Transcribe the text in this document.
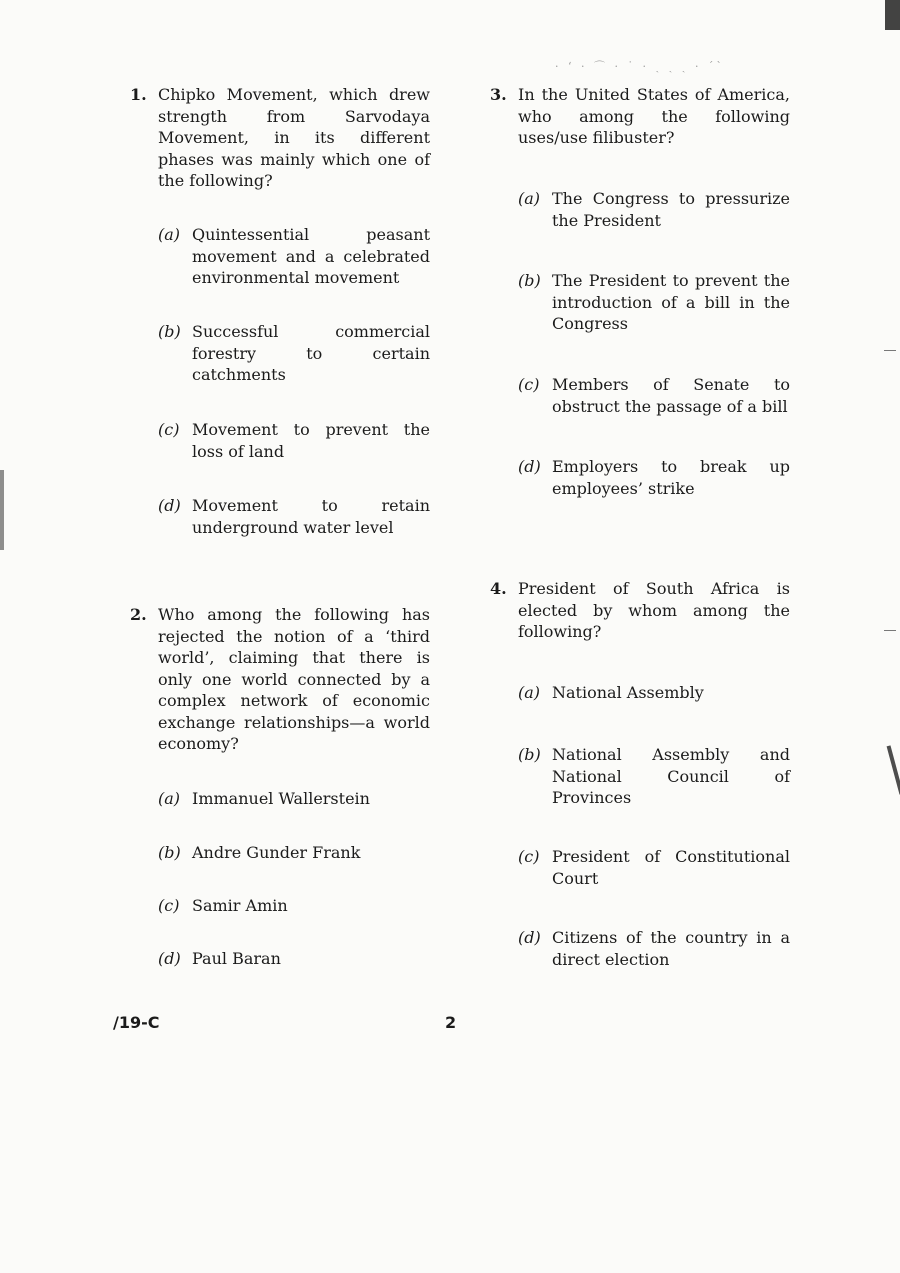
· ‘ · ⌒ · ˙ · ˎ ˎ ˎ · ˊˋ
1. Chipko Movement, which drew strength from Sarvodaya Movement, in its different phases was mainly which one of the following?
(a) Quintessential peasant movement and a celebrated environmental movement
(b) Successful commercial forestry to certain catchments
(c) Movement to prevent the loss of land
(d) Movement to retain underground water level
2. Who among the following has rejected the notion of a ‘third world’, claiming that there is only one world connected by a complex network of economic exchange relationships—a world economy?
(a) Immanuel Wallerstein
(b) Andre Gunder Frank
(c) Samir Amin
(d) Paul Baran
3. In the United States of America, who among the following uses/use filibuster?
(a) The Congress to pressurize the President
(b) The President to prevent the introduction of a bill in the Congress
(c) Members of Senate to obstruct the passage of a bill
(d) Employers to break up employees’ strike
4. President of South Africa is elected by whom among the following?
(a) National Assembly
(b) National Assembly and National Council of Provinces
(c) President of Constitutional Court
(d) Citizens of the country in a direct election
/19-C	2
